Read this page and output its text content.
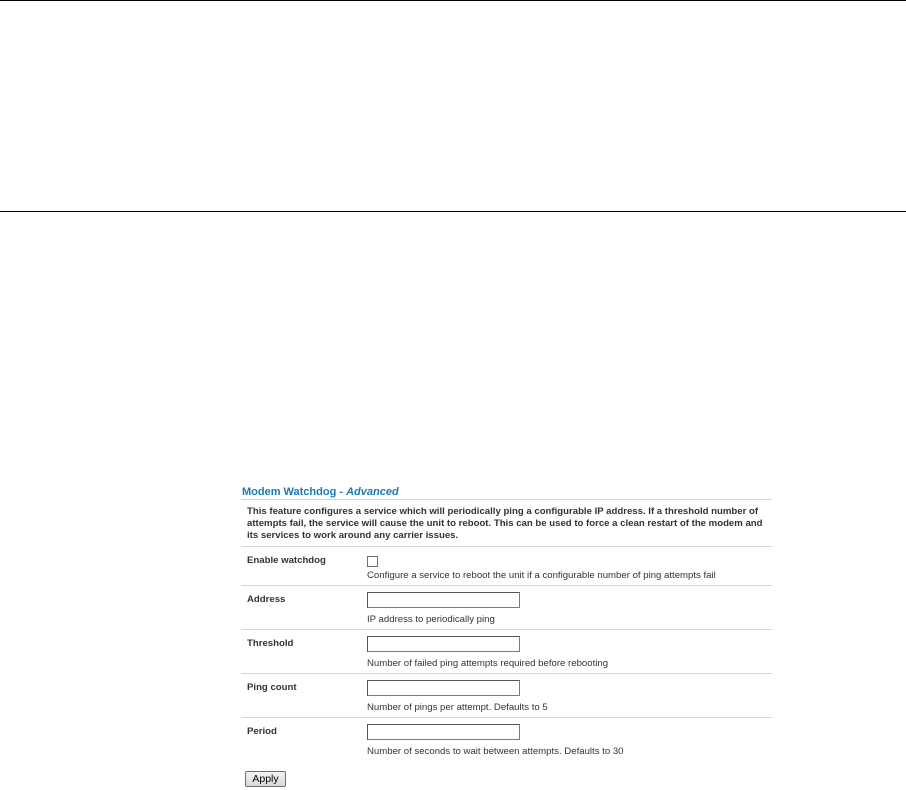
Modem Watchdog - Advanced
This feature configures a service which will periodically ping a configurable IP address. If a threshold number of attempts fail, the service will cause the unit to reboot. This can be used to force a clean restart of the modem and its services to work around any carrier issues.
Enable watchdog
Configure a service to reboot the unit if a configurable number of ping attempts fail
Address
IP address to periodically ping
Threshold
Number of failed ping attempts required before rebooting
Ping count
Number of pings per attempt. Defaults to 5
Period
Number of seconds to wait between attempts. Defaults to 30
Apply
